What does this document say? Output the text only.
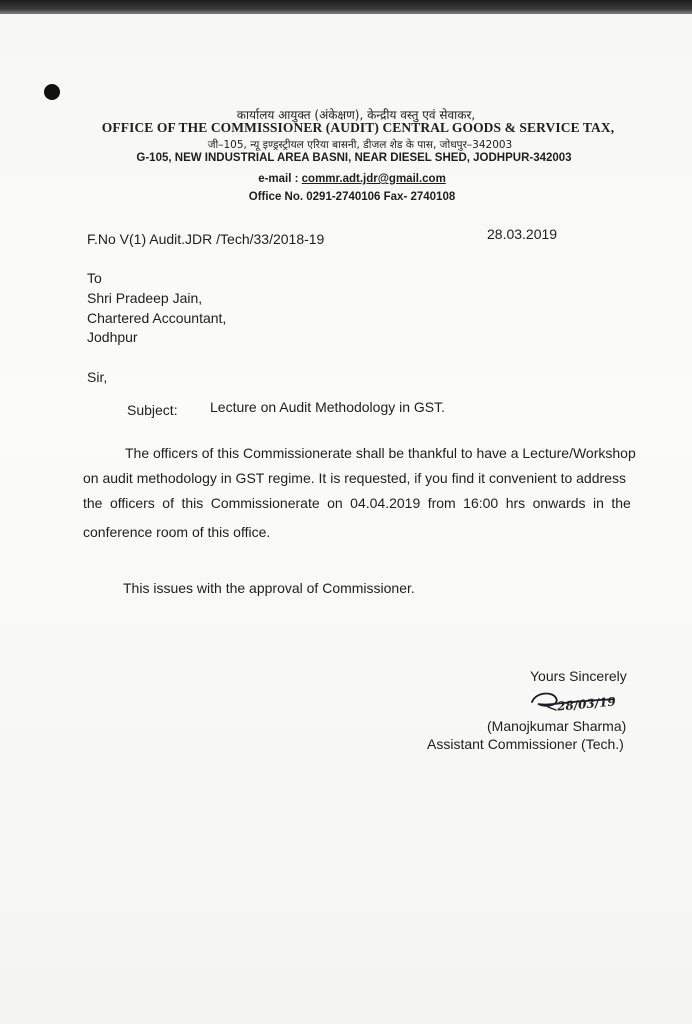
कार्यालय आयुक्त (अंकेक्षण), केन्द्रीय वस्तु एवं सेवाकर,
OFFICE OF THE COMMISSIONER (AUDIT) CENTRAL GOODS & SERVICE TAX,
जी–105, न्यू इण्ड्रस्ट्रीयल एरिया बासनी, डीजल शेड के पास, जोधपुर–342003
G-105, NEW INDUSTRIAL AREA BASNI, NEAR DIESEL SHED, JODHPUR-342003
e-mail : commr.adt.jdr@gmail.com
Office No. 0291-2740106 Fax- 2740108
F.No V(1) Audit.JDR /Tech/33/2018-19	28.03.2019
To
Shri Pradeep Jain,
Chartered Accountant,
Jodhpur
Sir,
Subject: Lecture on Audit Methodology in GST.
The officers of this Commissionerate shall be thankful to have a Lecture/Workshop
on audit methodology in GST regime. It is requested, if you find it convenient to address
the officers of this Commissionerate on 04.04.2019 from 16:00 hrs onwards in the
conference room of this office.
This issues with the approval of Commissioner.
Yours Sincerely
28/03/19
(Manojkumar Sharma)
Assistant Commissioner (Tech.)
